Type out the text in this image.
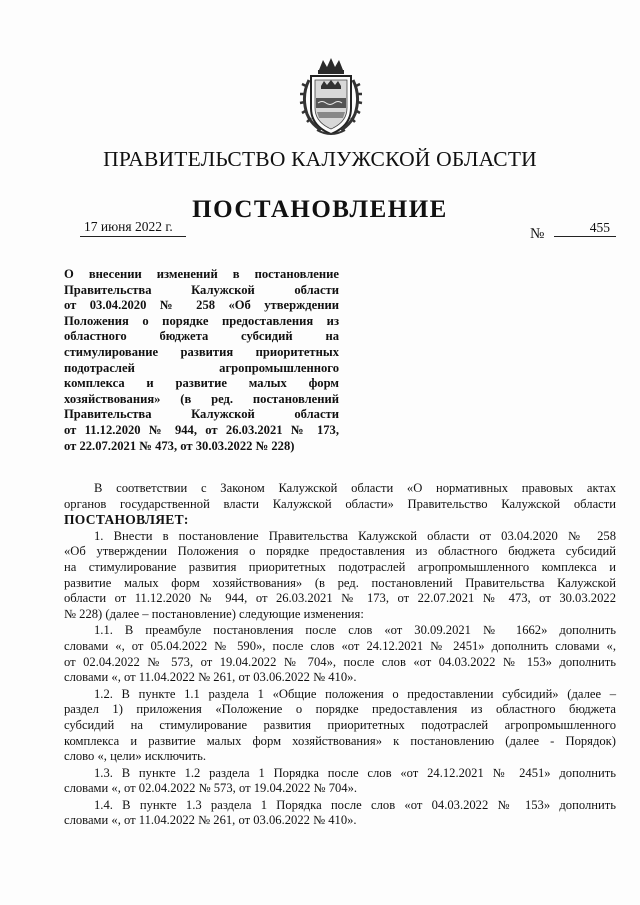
ПРАВИТЕЛЬСТВО КАЛУЖСКОЙ ОБЛАСТИ
ПОСТАНОВЛЕНИЕ
17 июня 2022 г.	№	455
О внесении изменений в постановление
Правительства Калужской области
от 03.04.2020 № 258 «Об утверждении
Положения о порядке предоставления из
областного бюджета субсидий на
стимулирование развития приоритетных
подотраслей агропромышленного
комплекса и развитие малых форм
хозяйствования» (в ред. постановлений
Правительства Калужской области
от 11.12.2020 № 944, от 26.03.2021 № 173,
от 22.07.2021 № 473, от 30.03.2022 № 228)
В соответствии с Законом Калужской области «О нормативных правовых актах
органов государственной власти Калужской области» Правительство Калужской области
ПОСТАНОВЛЯЕТ:
1. Внести в постановление Правительства Калужской области от 03.04.2020 № 258
«Об утверждении Положения о порядке предоставления из областного бюджета субсидий
на стимулирование развития приоритетных подотраслей агропромышленного комплекса и
развитие малых форм хозяйствования» (в ред. постановлений Правительства Калужской
области от 11.12.2020 № 944, от 26.03.2021 № 173, от 22.07.2021 № 473, от 30.03.2022
№ 228) (далее – постановление) следующие изменения:
1.1. В преамбуле постановления после слов «от 30.09.2021 № 1662» дополнить
словами «, от 05.04.2022 № 590», после слов «от 24.12.2021 № 2451» дополнить словами «,
от 02.04.2022 № 573, от 19.04.2022 № 704», после слов «от 04.03.2022 № 153» дополнить
словами «, от 11.04.2022 № 261, от 03.06.2022 № 410».
1.2. В пункте 1.1 раздела 1 «Общие положения о предоставлении субсидий» (далее –
раздел 1) приложения «Положение о порядке предоставления из областного бюджета
субсидий на стимулирование развития приоритетных подотраслей агропромышленного
комплекса и развитие малых форм хозяйствования» к постановлению (далее - Порядок)
слово «, цели» исключить.
1.3. В пункте 1.2 раздела 1 Порядка после слов «от 24.12.2021 № 2451» дополнить
словами «, от 02.04.2022 № 573, от 19.04.2022 № 704».
1.4. В пункте 1.3 раздела 1 Порядка после слов «от 04.03.2022 № 153» дополнить
словами «, от 11.04.2022 № 261, от 03.06.2022 № 410».
